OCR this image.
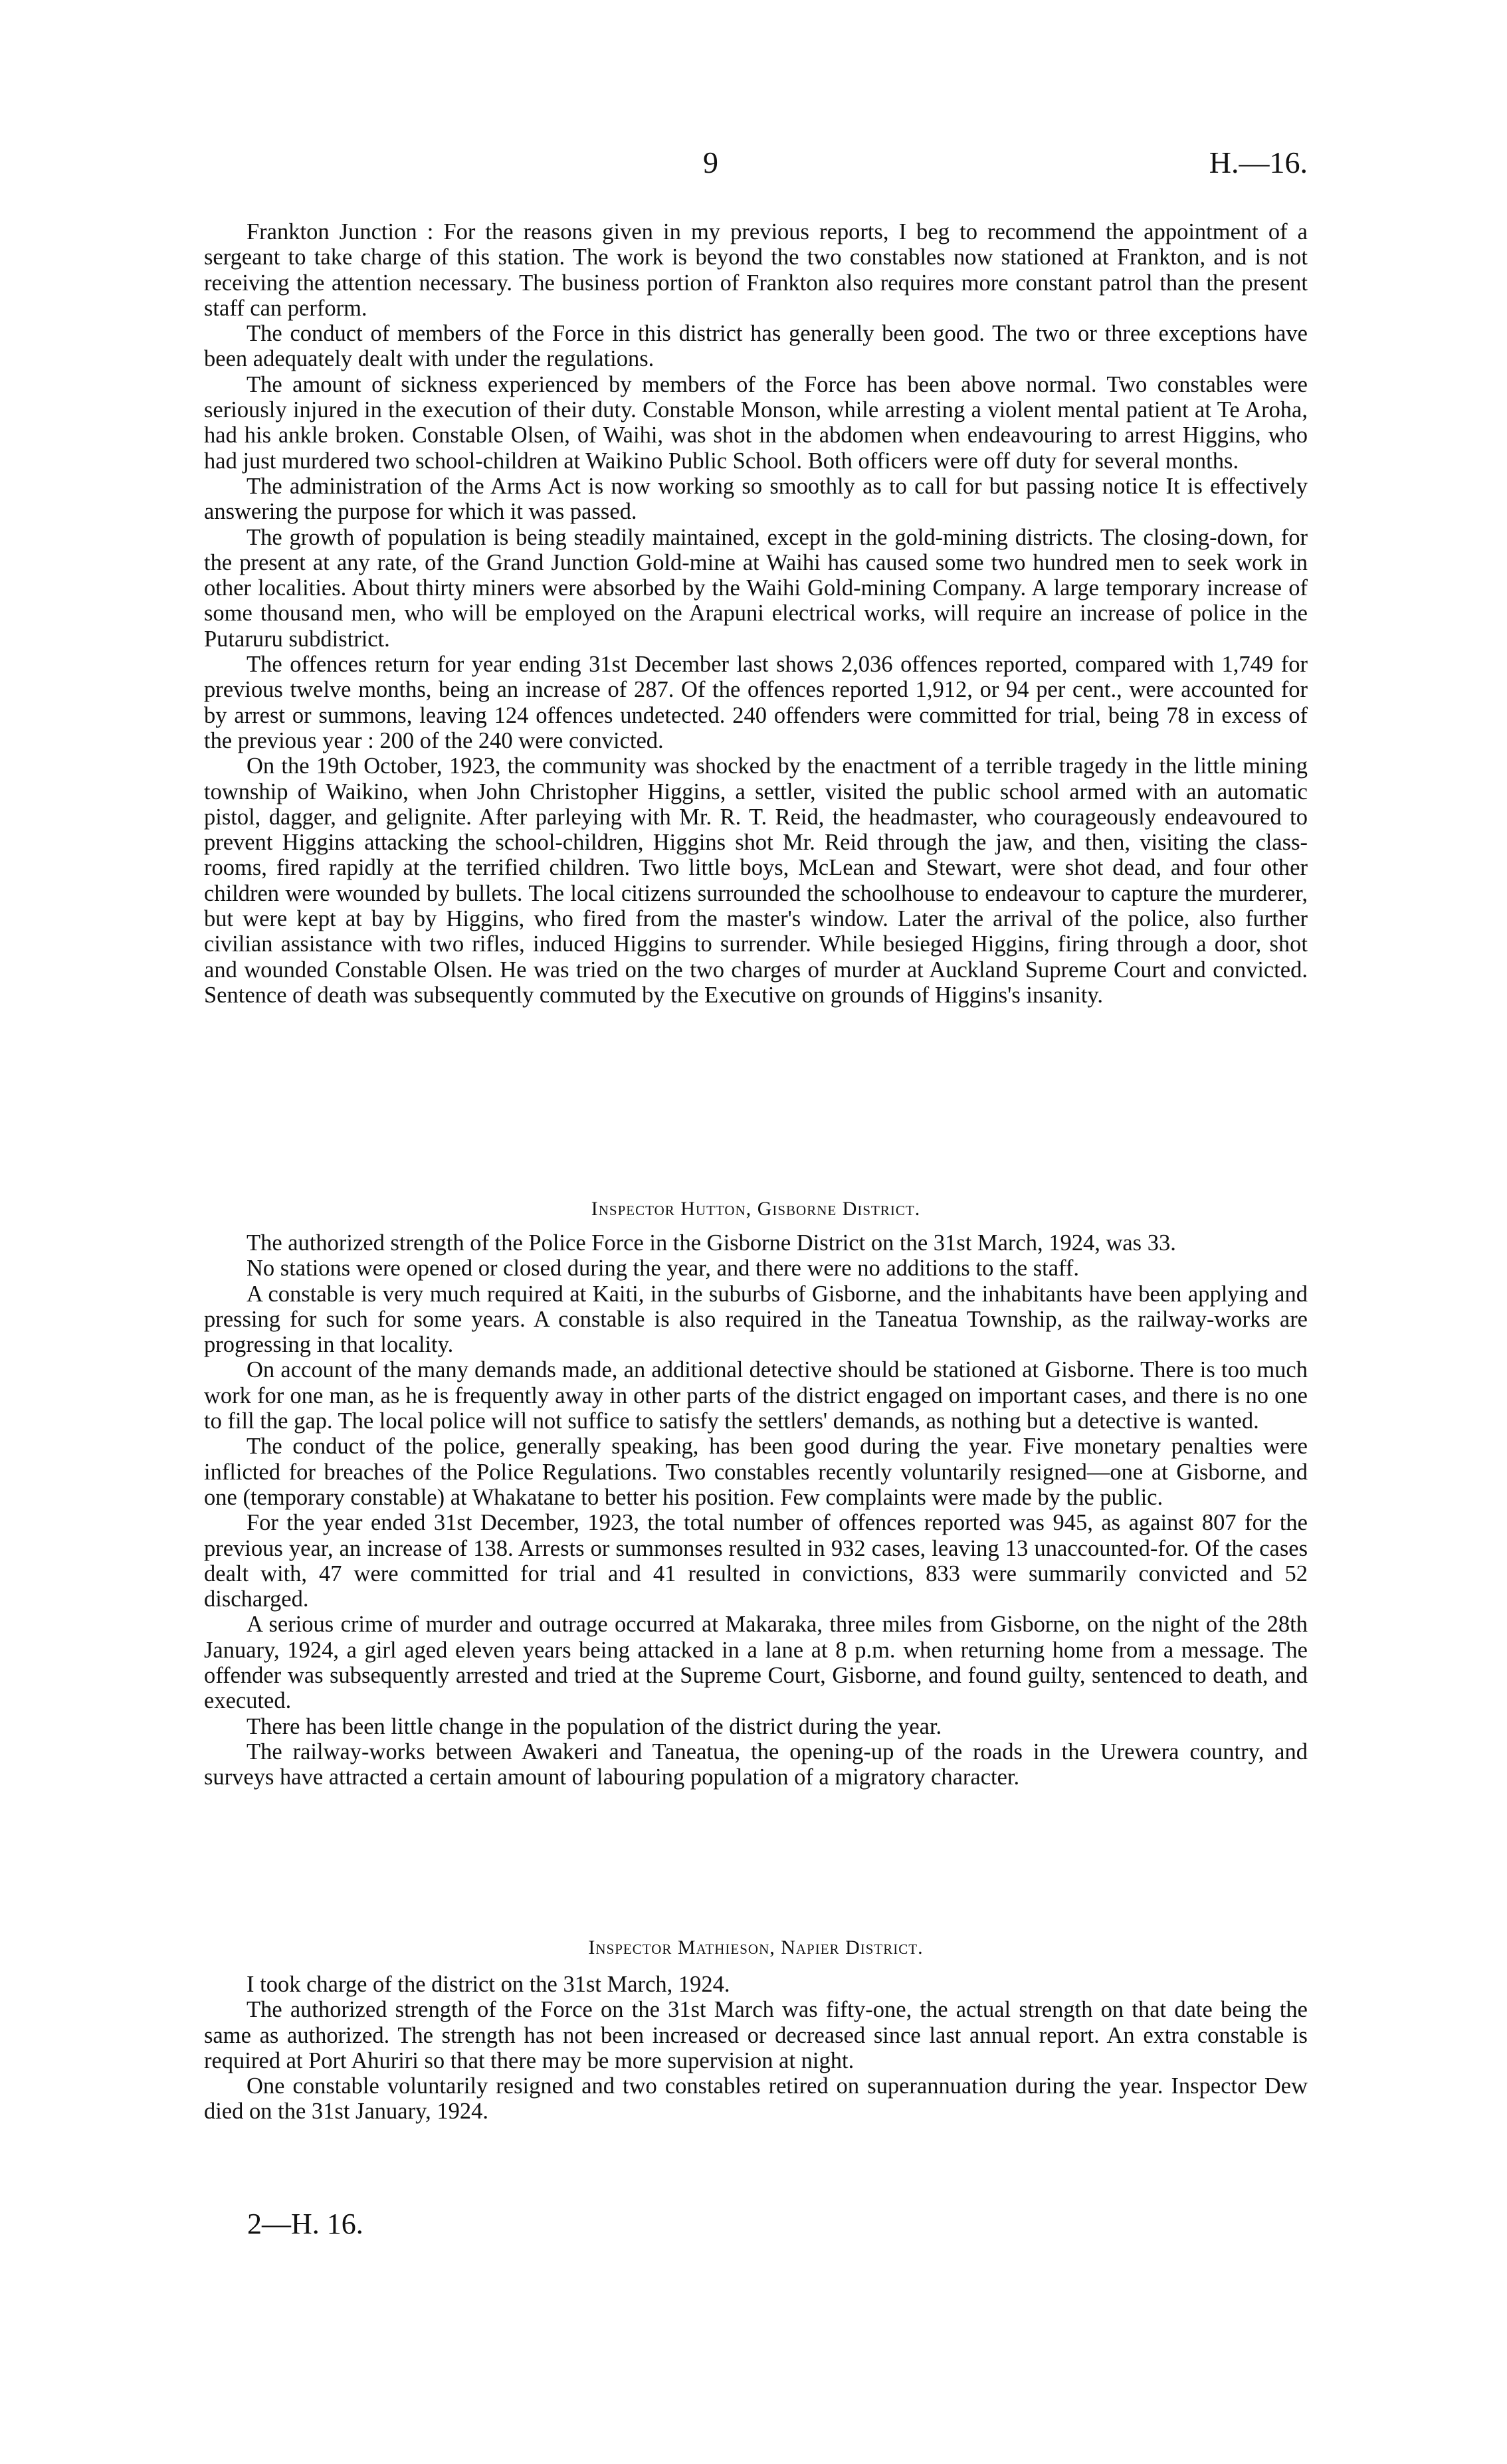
9	H.—16.

Frankton Junction : For the reasons given in my previous reports, I beg to recommend the appointment of a sergeant to take charge of this station. The work is beyond the two constables now stationed at Frankton, and is not receiving the attention necessary. The business portion of Frankton also requires more constant patrol than the present staff can perform.

The conduct of members of the Force in this district has generally been good. The two or three exceptions have been adequately dealt with under the regulations.

The amount of sickness experienced by members of the Force has been above normal. Two constables were seriously injured in the execution of their duty. Constable Monson, while arresting a violent mental patient at Te Aroha, had his ankle broken. Constable Olsen, of Waihi, was shot in the abdomen when endeavouring to arrest Higgins, who had just murdered two school-children at Waikino Public School. Both officers were off duty for several months.

The administration of the Arms Act is now working so smoothly as to call for but passing notice It is effectively answering the purpose for which it was passed.

The growth of population is being steadily maintained, except in the gold-mining districts. The closing-down, for the present at any rate, of the Grand Junction Gold-mine at Waihi has caused some two hundred men to seek work in other localities. About thirty miners were absorbed by the Waihi Gold-mining Company. A large temporary increase of some thousand men, who will be employed on the Arapuni electrical works, will require an increase of police in the Putaruru subdistrict.

The offences return for year ending 31st December last shows 2,036 offences reported, compared with 1,749 for previous twelve months, being an increase of 287. Of the offences reported 1,912, or 94 per cent., were accounted for by arrest or summons, leaving 124 offences undetected. 240 offenders were committed for trial, being 78 in excess of the previous year : 200 of the 240 were convicted.

On the 19th October, 1923, the community was shocked by the enactment of a terrible tragedy in the little mining township of Waikino, when John Christopher Higgins, a settler, visited the public school armed with an automatic pistol, dagger, and gelignite. After parleying with Mr. R. T. Reid, the headmaster, who courageously endeavoured to prevent Higgins attacking the school-children, Higgins shot Mr. Reid through the jaw, and then, visiting the class-rooms, fired rapidly at the terrified children. Two little boys, McLean and Stewart, were shot dead, and four other children were wounded by bullets. The local citizens surrounded the schoolhouse to endeavour to capture the murderer, but were kept at bay by Higgins, who fired from the master's window. Later the arrival of the police, also further civilian assistance with two rifles, induced Higgins to surrender. While besieged Higgins, firing through a door, shot and wounded Constable Olsen. He was tried on the two charges of murder at Auckland Supreme Court and convicted. Sentence of death was subsequently commuted by the Executive on grounds of Higgins's insanity.

Inspector Hutton, Gisborne District.

The authorized strength of the Police Force in the Gisborne District on the 31st March, 1924, was 33.

No stations were opened or closed during the year, and there were no additions to the staff.

A constable is very much required at Kaiti, in the suburbs of Gisborne, and the inhabitants have been applying and pressing for such for some years. A constable is also required in the Taneatua Township, as the railway-works are progressing in that locality.

On account of the many demands made, an additional detective should be stationed at Gisborne. There is too much work for one man, as he is frequently away in other parts of the district engaged on important cases, and there is no one to fill the gap. The local police will not suffice to satisfy the settlers' demands, as nothing but a detective is wanted.

The conduct of the police, generally speaking, has been good during the year. Five monetary penalties were inflicted for breaches of the Police Regulations. Two constables recently voluntarily resigned—one at Gisborne, and one (temporary constable) at Whakatane to better his position. Few complaints were made by the public.

For the year ended 31st December, 1923, the total number of offences reported was 945, as against 807 for the previous year, an increase of 138. Arrests or summonses resulted in 932 cases, leaving 13 unaccounted-for. Of the cases dealt with, 47 were committed for trial and 41 resulted in convictions, 833 were summarily convicted and 52 discharged.

A serious crime of murder and outrage occurred at Makaraka, three miles from Gisborne, on the night of the 28th January, 1924, a girl aged eleven years being attacked in a lane at 8 p.m. when returning home from a message. The offender was subsequently arrested and tried at the Supreme Court, Gisborne, and found guilty, sentenced to death, and executed.

There has been little change in the population of the district during the year.

The railway-works between Awakeri and Taneatua, the opening-up of the roads in the Urewera country, and surveys have attracted a certain amount of labouring population of a migratory character.

Inspector Mathieson, Napier District.

I took charge of the district on the 31st March, 1924.

The authorized strength of the Force on the 31st March was fifty-one, the actual strength on that date being the same as authorized. The strength has not been increased or decreased since last annual report. An extra constable is required at Port Ahuriri so that there may be more supervision at night.

One constable voluntarily resigned and two constables retired on superannuation during the year. Inspector Dew died on the 31st January, 1924.

2—H. 16.
